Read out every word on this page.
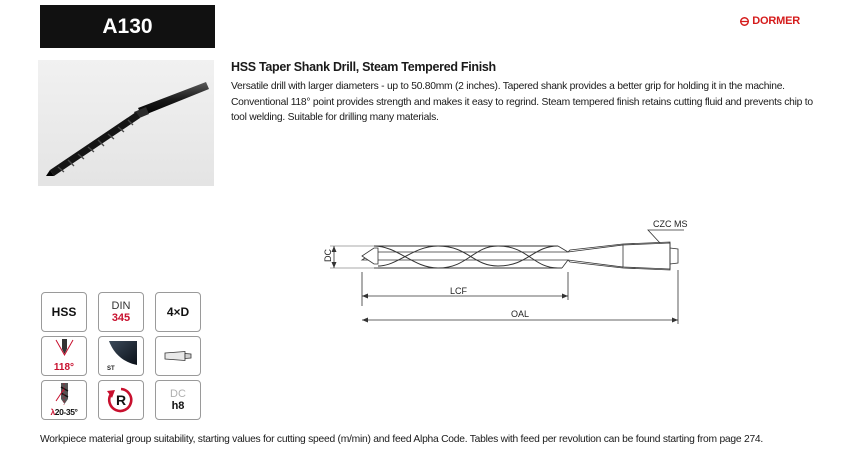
A130	DORMER
HSS Taper Shank Drill, Steam Tempered Finish
Versatile drill with larger diameters - up to 50.80mm (2 inches). Tapered shank provides a better grip for holding it in the machine. Conventional 118° point provides strength and makes it easy to regrind. Steam tempered finish retains cutting fluid and prevents chip to tool welding. Suitable for drilling many materials.
DC
LCF
OAL
CZC MS
HSS	DIN
345	4×D
118°	ST
λ20-35°
R	DC
h8
Workpiece material group suitability, starting values for cutting speed (m/min) and feed Alpha Code. Tables with feed per revolution can be found starting from page 274.
